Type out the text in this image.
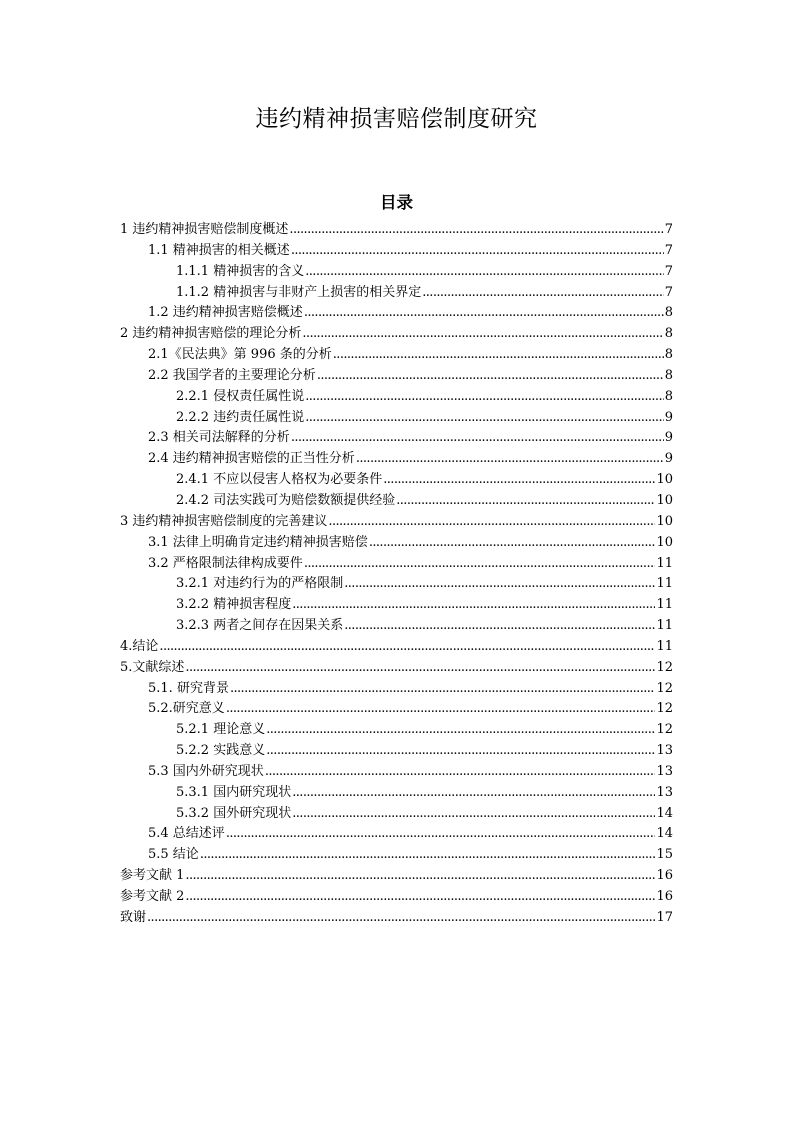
违约精神损害赔偿制度研究
目录
1 违约精神损害赔偿制度概述 .....	7
1.1 精神损害的相关概述 .....	7
1.1.1 精神损害的含义 .....	7
1.1.2 精神损害与非财产上损害的相关界定 .....	7
1.2 违约精神损害赔偿概述 .....	8
2 违约精神损害赔偿的理论分析 .....	8
2.1《民法典》第 996 条的分析 .....	8
2.2 我国学者的主要理论分析 .....	8
2.2.1 侵权责任属性说 .....	8
2.2.2 违约责任属性说 .....	9
2.3 相关司法解释的分析 .....	9
2.4 违约精神损害赔偿的正当性分析 .....	9
2.4.1 不应以侵害人格权为必要条件 .....	10
2.4.2 司法实践可为赔偿数额提供经验 .....	10
3 违约精神损害赔偿制度的完善建议 .....	10
3.1 法律上明确肯定违约精神损害赔偿 .....	10
3.2 严格限制法律构成要件 .....	11
3.2.1 对违约行为的严格限制 .....	11
3.2.2 精神损害程度 .....	11
3.2.3 两者之间存在因果关系 .....	11
4.结论 .....	11
5.文献综述 .....	12
5.1. 研究背景 .....	12
5.2.研究意义 .....	12
5.2.1 理论意义 .....	12
5.2.2 实践意义 .....	13
5.3 国内外研究现状 .....	13
5.3.1 国内研究现状 .....	13
5.3.2 国外研究现状 .....	14
5.4 总结述评 .....	14
5.5 结论 .....	15
参考文献 1 .....	16
参考文献 2 .....	16
致谢 .....	17
